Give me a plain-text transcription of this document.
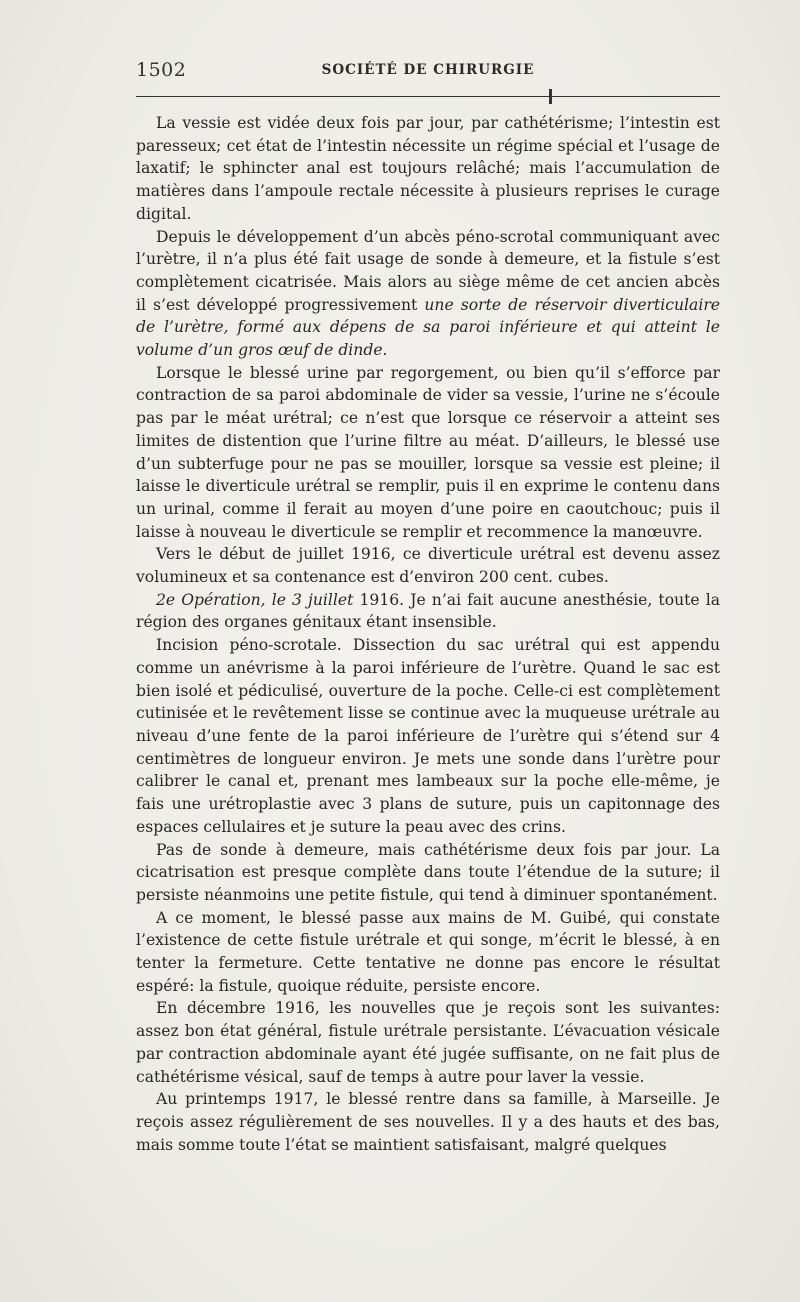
1502	SOCIÉTÉ DE CHIRURGIE

La vessie est vidée deux fois par jour, par cathétérisme; l’intestin est paresseux; cet état de l’intestin nécessite un régime spécial et l’usage de laxatif; le sphincter anal est toujours relâché; mais l’accumulation de matières dans l’ampoule rectale nécessite à plusieurs reprises le curage digital.

Depuis le développement d’un abcès péno-scrotal communiquant avec l’urètre, il n’a plus été fait usage de sonde à demeure, et la fistule s’est complètement cicatrisée. Mais alors au siège même de cet ancien abcès il s’est développé progressivement une sorte de réservoir diverticulaire de l’urètre, formé aux dépens de sa paroi inférieure et qui atteint le volume d’un gros œuf de dinde.

Lorsque le blessé urine par regorgement, ou bien qu’il s’efforce par contraction de sa paroi abdominale de vider sa vessie, l’urine ne s’écoule pas par le méat urétral; ce n’est que lorsque ce réservoir a atteint ses limites de distention que l’urine filtre au méat. D’ailleurs, le blessé use d’un subterfuge pour ne pas se mouiller, lorsque sa vessie est pleine; il laisse le diverticule urétral se remplir, puis il en exprime le contenu dans un urinal, comme il ferait au moyen d’une poire en caoutchouc; puis il laisse à nouveau le diverticule se remplir et recommence la manœuvre.

Vers le début de juillet 1916, ce diverticule urétral est devenu assez volumineux et sa contenance est d’environ 200 cent. cubes.

2e Opération, le 3 juillet 1916. Je n’ai fait aucune anesthésie, toute la région des organes génitaux étant insensible.

Incision péno-scrotale. Dissection du sac urétral qui est appendu comme un anévrisme à la paroi inférieure de l’urètre. Quand le sac est bien isolé et pédiculisé, ouverture de la poche. Celle-ci est complètement cutinisée et le revêtement lisse se continue avec la muqueuse urétrale au niveau d’une fente de la paroi inférieure de l’urètre qui s’étend sur 4 centimètres de longueur environ. Je mets une sonde dans l’urètre pour calibrer le canal et, prenant mes lambeaux sur la poche elle-même, je fais une urétroplastie avec 3 plans de suture, puis un capitonnage des espaces cellulaires et je suture la peau avec des crins.

Pas de sonde à demeure, mais cathétérisme deux fois par jour. La cicatrisation est presque complète dans toute l’étendue de la suture; il persiste néanmoins une petite fistule, qui tend à diminuer spontanément.

A ce moment, le blessé passe aux mains de M. Guibé, qui constate l’existence de cette fistule urétrale et qui songe, m’écrit le blessé, à en tenter la fermeture. Cette tentative ne donne pas encore le résultat espéré: la fistule, quoique réduite, persiste encore.

En décembre 1916, les nouvelles que je reçois sont les suivantes: assez bon état général, fistule urétrale persistante. L’évacuation vésicale par contraction abdominale ayant été jugée suffisante, on ne fait plus de cathétérisme vésical, sauf de temps à autre pour laver la vessie.

Au printemps 1917, le blessé rentre dans sa famille, à Marseille. Je reçois assez régulièrement de ses nouvelles. Il y a des hauts et des bas, mais somme toute l’état se maintient satisfaisant, malgré quelques
